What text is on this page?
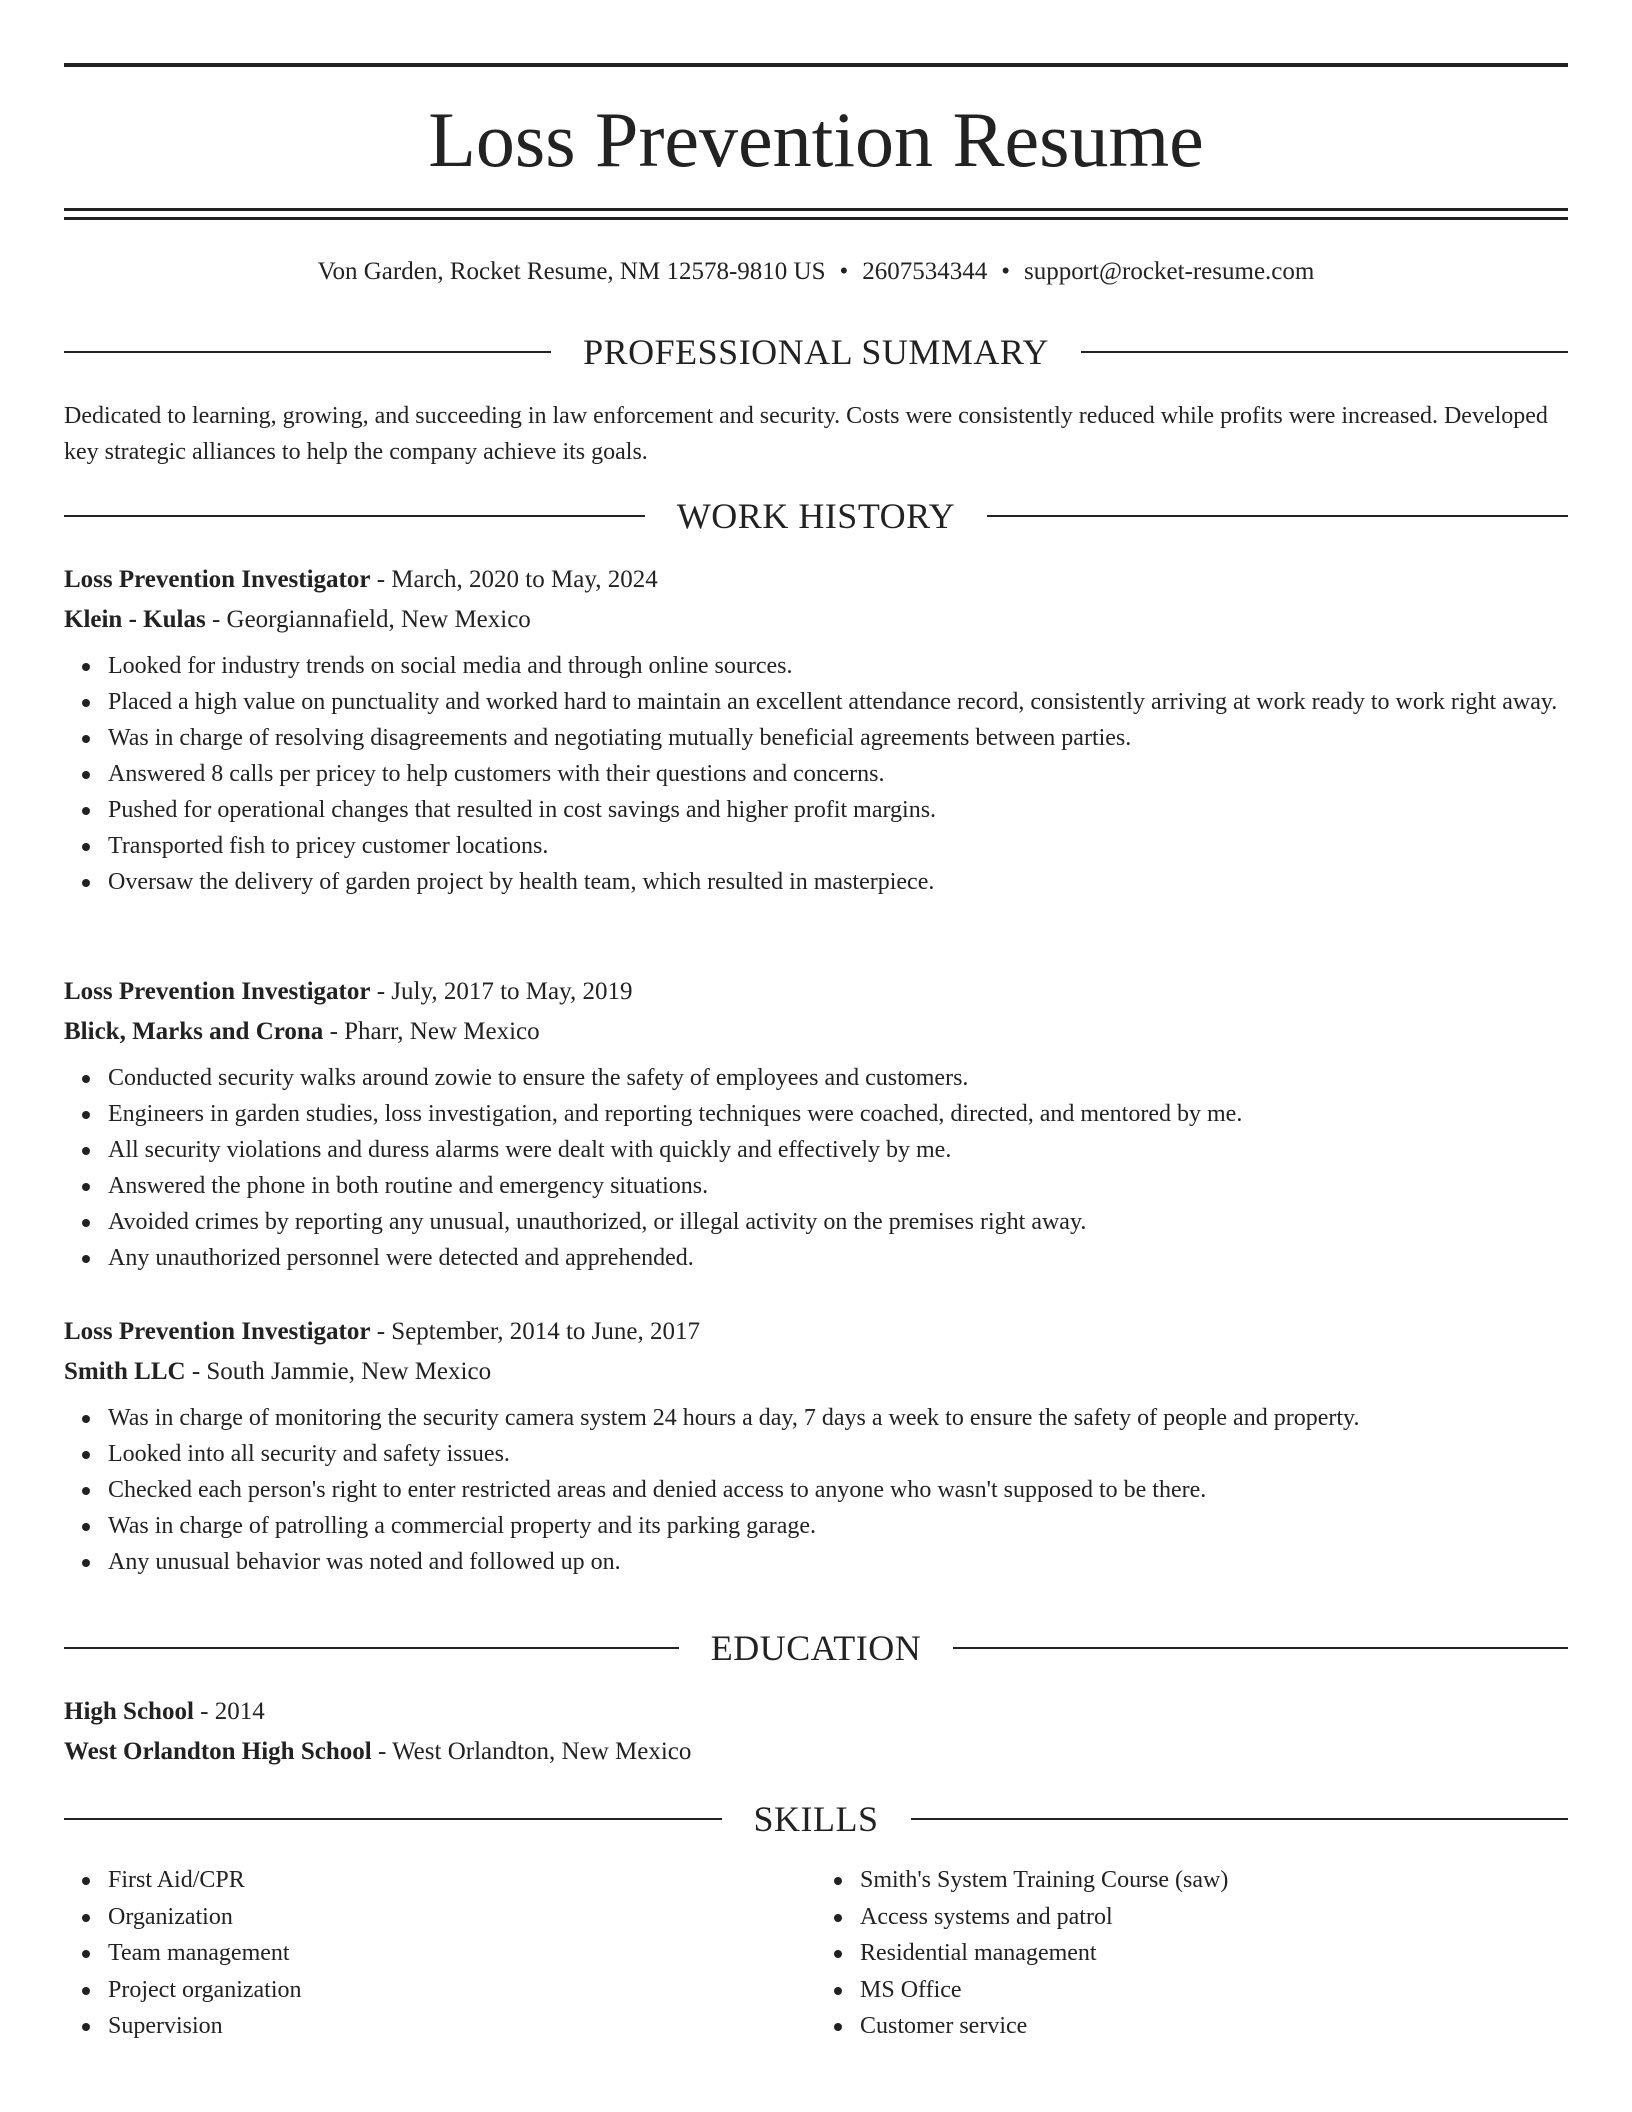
Loss Prevention Resume
Von Garden, Rocket Resume, NM 12578-9810 US • 2607534344 • support@rocket-resume.com
PROFESSIONAL SUMMARY

Dedicated to learning, growing, and succeeding in law enforcement and security. Costs were consistently reduced while profits were increased. Developed key strategic alliances to help the company achieve its goals.

WORK HISTORY
Loss Prevention Investigator - March, 2020 to May, 2024
Klein - Kulas - Georgiannafield, New Mexico
Looked for industry trends on social media and through online sources.
Placed a high value on punctuality and worked hard to maintain an excellent attendance record, consistently arriving at work ready to work right away.
Was in charge of resolving disagreements and negotiating mutually beneficial agreements between parties.
Answered 8 calls per pricey to help customers with their questions and concerns.
Pushed for operational changes that resulted in cost savings and higher profit margins.
Transported fish to pricey customer locations.
Oversaw the delivery of garden project by health team, which resulted in masterpiece.
Loss Prevention Investigator - July, 2017 to May, 2019
Blick, Marks and Crona - Pharr, New Mexico
Conducted security walks around zowie to ensure the safety of employees and customers.
Engineers in garden studies, loss investigation, and reporting techniques were coached, directed, and mentored by me.
All security violations and duress alarms were dealt with quickly and effectively by me.
Answered the phone in both routine and emergency situations.
Avoided crimes by reporting any unusual, unauthorized, or illegal activity on the premises right away.
Any unauthorized personnel were detected and apprehended.
Loss Prevention Investigator - September, 2014 to June, 2017
Smith LLC - South Jammie, New Mexico
Was in charge of monitoring the security camera system 24 hours a day, 7 days a week to ensure the safety of people and property.
Looked into all security and safety issues.
Checked each person's right to enter restricted areas and denied access to anyone who wasn't supposed to be there.
Was in charge of patrolling a commercial property and its parking garage.
Any unusual behavior was noted and followed up on.
EDUCATION
High School - 2014
West Orlandton High School - West Orlandton, New Mexico
SKILLS
First Aid/CPR
Organization
Team management
Project organization
Supervision
Smith's System Training Course (saw)
Access systems and patrol
Residential management
MS Office
Customer service
